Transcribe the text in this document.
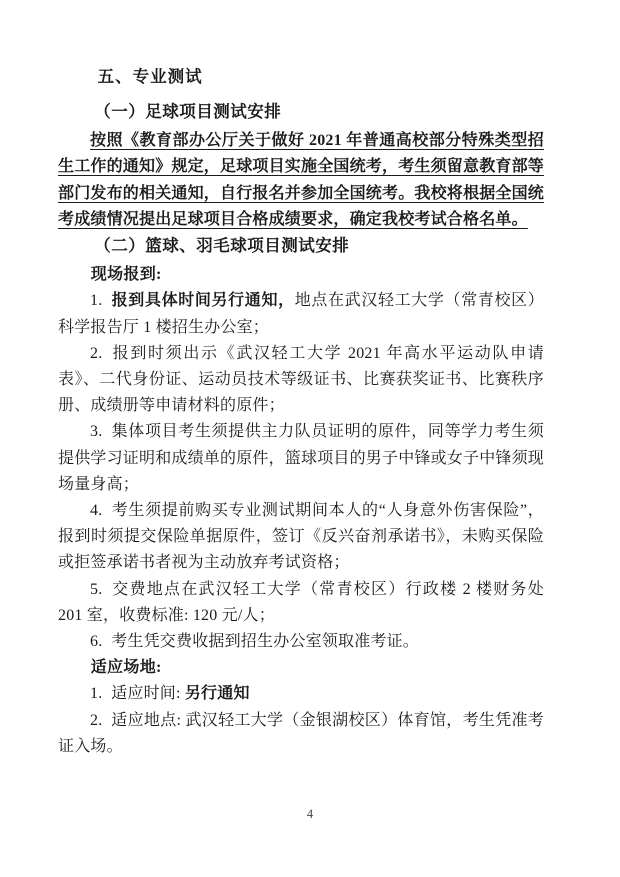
五、专业测试
（一）足球项目测试安排

按照《教育部办公厅关于做好 2021 年普通高校部分特殊类型招生工作的通知》规定，足球项目实施全国统考，考生须留意教育部等部门发布的相关通知，自行报名并参加全国统考。我校将根据全国统考成绩情况提出足球项目合格成绩要求，确定我校考试合格名单。

（二）篮球、羽毛球项目测试安排

现场报到:

1. 报到具体时间另行通知，地点在武汉轻工大学（常青校区）科学报告厅 1 楼招生办公室；

2. 报到时须出示《武汉轻工大学 2021 年高水平运动队申请表》、二代身份证、运动员技术等级证书、比赛获奖证书、比赛秩序册、成绩册等申请材料的原件；

3. 集体项目考生须提供主力队员证明的原件，同等学力考生须提供学习证明和成绩单的原件，篮球项目的男子中锋或女子中锋须现场量身高；

4. 考生须提前购买专业测试期间本人的“人身意外伤害保险”，报到时须提交保险单据原件，签订《反兴奋剂承诺书》，未购买保险或拒签承诺书者视为主动放弃考试资格；

5. 交费地点在武汉轻工大学（常青校区）行政楼 2 楼财务处 201 室，收费标准: 120 元/人；

6. 考生凭交费收据到招生办公室领取准考证。

适应场地:

1. 适应时间: 另行通知

2. 适应地点: 武汉轻工大学（金银湖校区）体育馆，考生凭准考证入场。

4
